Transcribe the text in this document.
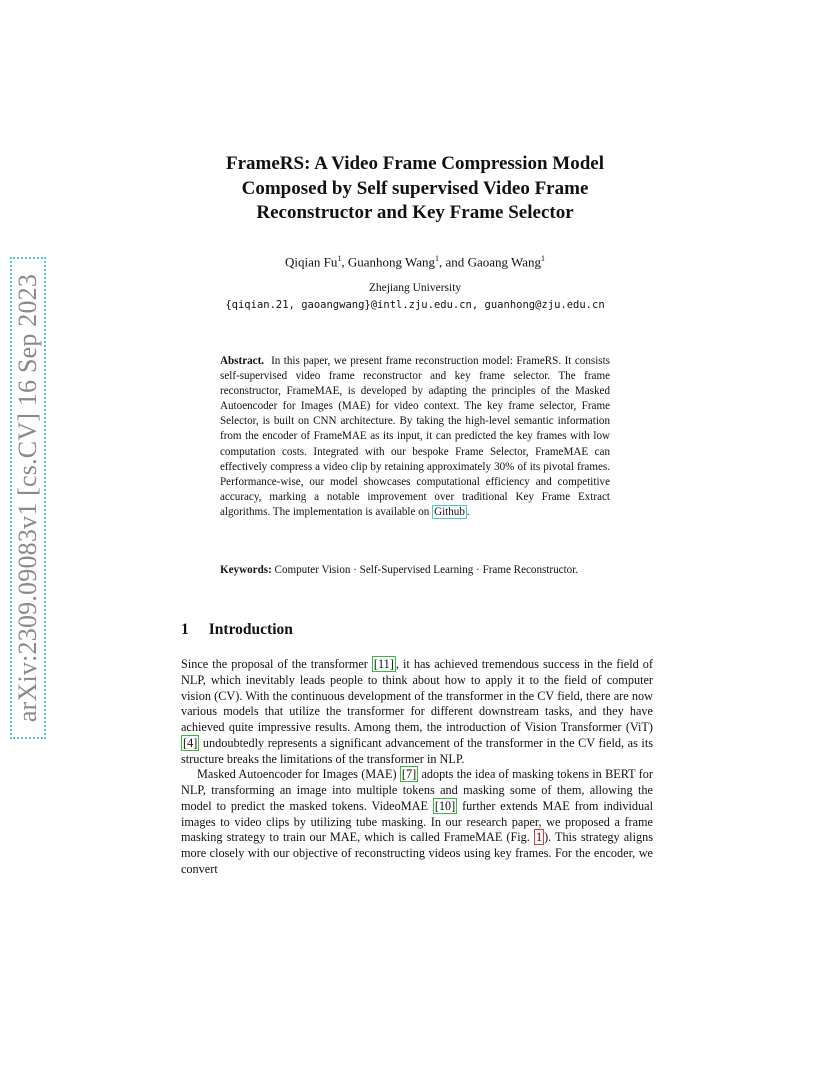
arXiv:2309.09083v1 [cs.CV] 16 Sep 2023
FrameRS: A Video Frame Compression Model
Composed by Self supervised Video Frame
Reconstructor and Key Frame Selector
Qiqian Fu$^1$, Guanhong Wang$^1$, and Gaoang Wang$^1$
Zhejiang University
{qiqian.21, gaoangwang}@intl.zju.edu.cn, guanhong@zju.edu.cn
Abstract. In this paper, we present frame reconstruction model: FrameRS. It consists self-supervised video frame reconstructor and key frame selector. The frame reconstructor, FrameMAE, is developed by adapting the principles of the Masked Autoencoder for Images (MAE) for video context. The key frame selector, Frame Selector, is built on CNN architecture. By taking the high-level semantic information from the encoder of FrameMAE as its input, it can predicted the key frames with low computation costs. Integrated with our bespoke Frame Selector, FrameMAE can effectively compress a video clip by retaining approximately 30% of its pivotal frames. Performance-wise, our model showcases computational efficiency and competitive accuracy, marking a notable improvement over traditional Key Frame Extract algorithms. The implementation is available on Github .
Keywords: Computer Vision · Self-Supervised Learning · Frame Reconstructor.
1 Introduction

Since the proposal of the transformer [11] , it has achieved tremendous success in the field of NLP, which inevitably leads people to think about how to apply it to the field of computer vision (CV). With the continuous development of the transformer in the CV field, there are now various models that utilize the transformer for different downstream tasks, and they have achieved quite impressive results. Among them, the introduction of Vision Transformer (ViT) [4] undoubtedly represents a significant advancement of the transformer in the CV field, as its structure breaks the limitations of the transformer in NLP.

Masked Autoencoder for Images (MAE) [7] adopts the idea of masking tokens in BERT for NLP, transforming an image into multiple tokens and masking some of them, allowing the model to predict the masked tokens. VideoMAE [10] further extends MAE from individual images to video clips by utilizing tube masking. In our research paper, we proposed a frame masking strategy to train our MAE, which is called FrameMAE (Fig. 1 ). This strategy aligns more closely with our objective of reconstructing videos using key frames. For the encoder, we convert
